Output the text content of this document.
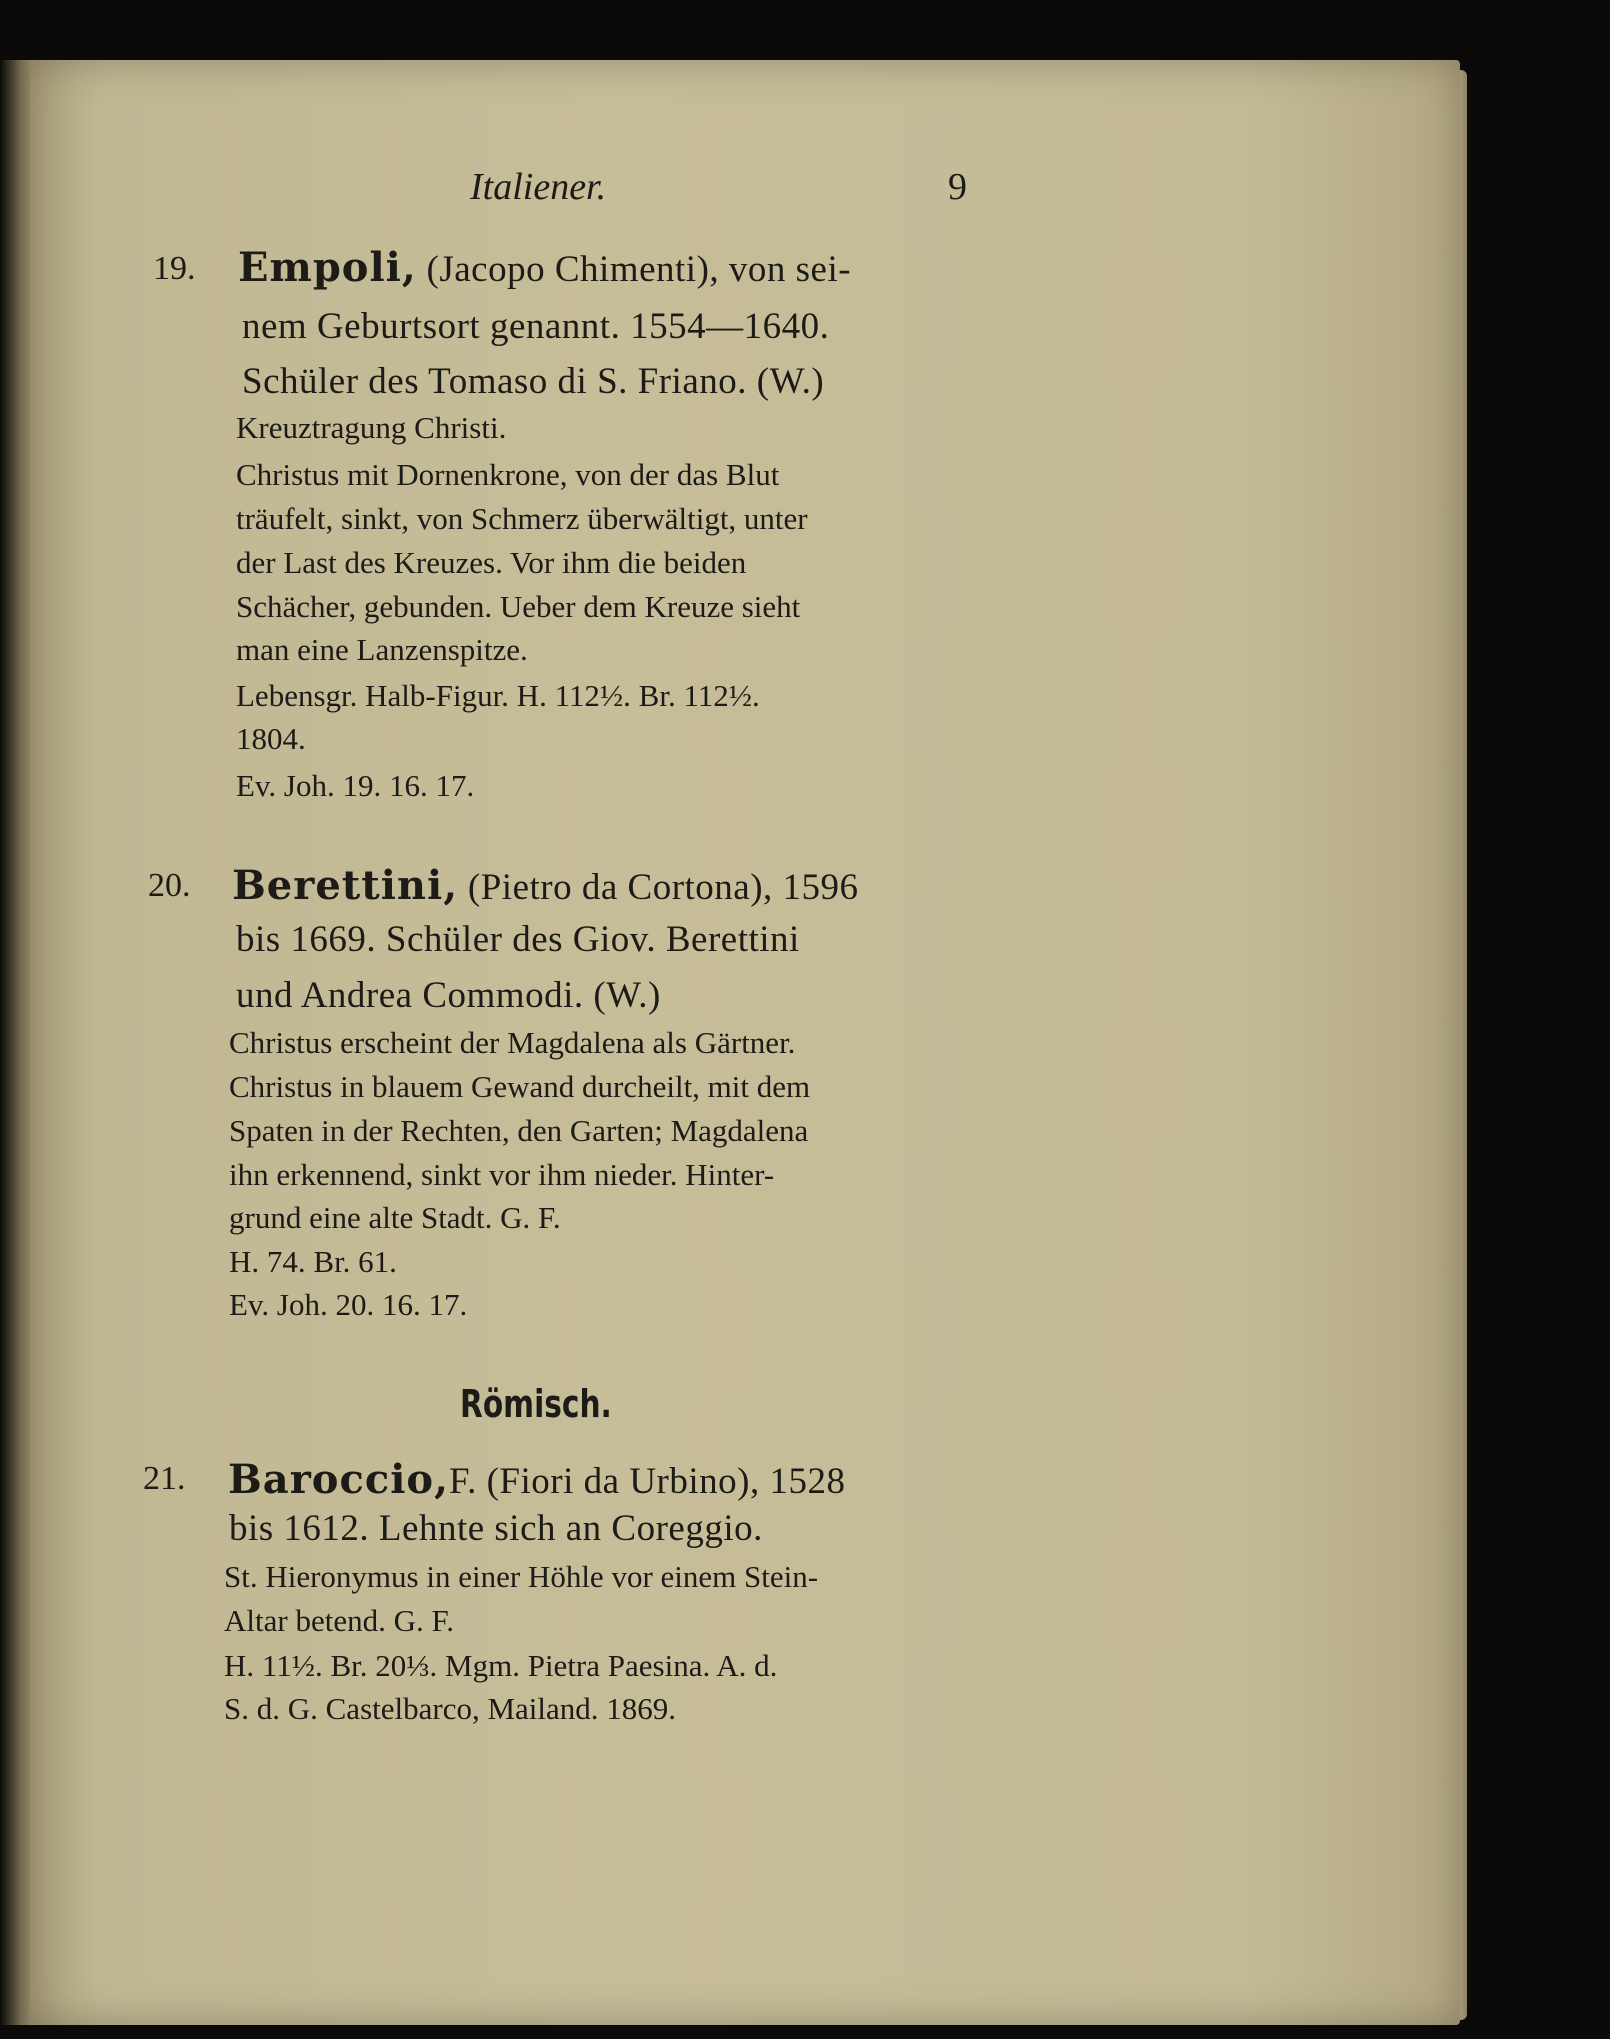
Italiener.	9
19. Empoli, (Jacopo Chimenti), von sei-
nem Geburtsort genannt. 1554—1640.
Schüler des Tomaso di S. Friano. (W.)
Kreuztragung Christi.
Christus mit Dornenkrone, von der das Blut
träufelt, sinkt, von Schmerz überwältigt, unter
der Last des Kreuzes. Vor ihm die beiden
Schächer, gebunden. Ueber dem Kreuze sieht
man eine Lanzenspitze.
Lebensgr. Halb-Figur. H. 112½. Br. 112½.
1804.
Ev. Joh. 19. 16. 17.
20. Berettini, (Pietro da Cortona), 1596
bis 1669. Schüler des Giov. Berettini
und Andrea Commodi. (W.)
Christus erscheint der Magdalena als Gärtner.
Christus in blauem Gewand durcheilt, mit dem
Spaten in der Rechten, den Garten; Magdalena
ihn erkennend, sinkt vor ihm nieder. Hinter-
grund eine alte Stadt. G. F.
H. 74. Br. 61.
Ev. Joh. 20. 16. 17.
Römisch.
21. Baroccio,F. (Fiori da Urbino), 1528
bis 1612. Lehnte sich an Coreggio.
St. Hieronymus in einer Höhle vor einem Stein-
Altar betend. G. F.
H. 11½. Br. 20⅓. Mgm. Pietra Paesina. A. d.
S. d. G. Castelbarco, Mailand. 1869.
